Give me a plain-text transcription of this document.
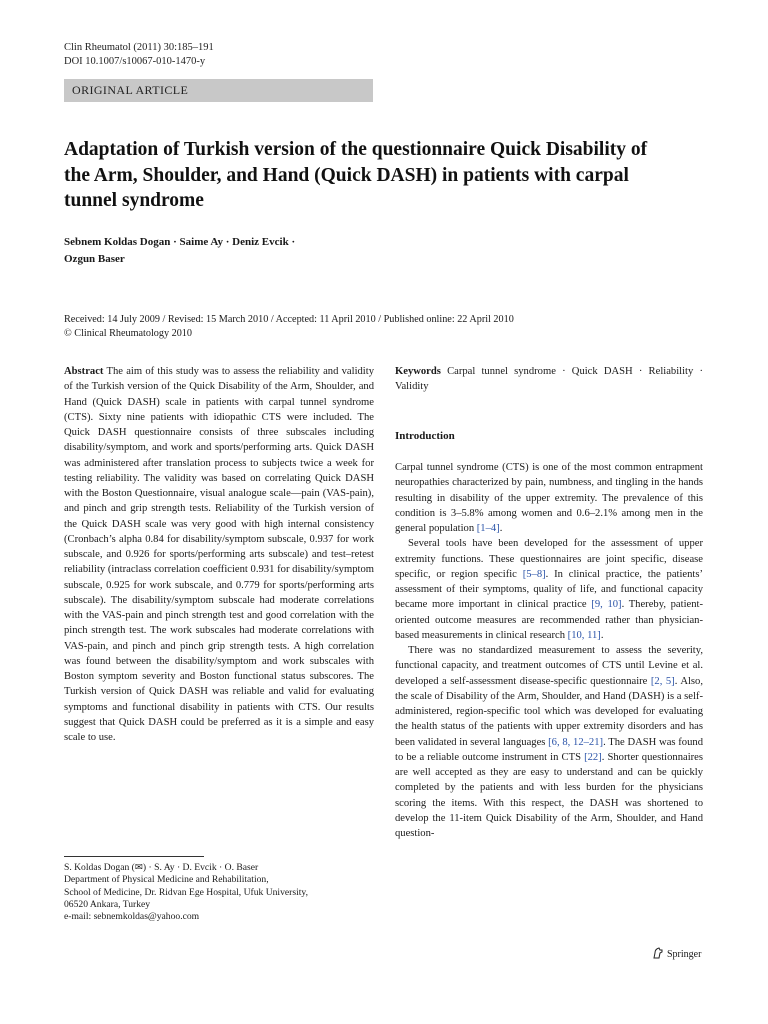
Clin Rheumatol (2011) 30:185–191
DOI 10.1007/s10067-010-1470-y
ORIGINAL ARTICLE
Adaptation of Turkish version of the questionnaire Quick Disability of the Arm, Shoulder, and Hand (Quick DASH) in patients with carpal tunnel syndrome
Sebnem Koldas Dogan · Saime Ay · Deniz Evcik ·
Ozgun Baser
Received: 14 July 2009 / Revised: 15 March 2010 / Accepted: 11 April 2010 / Published online: 22 April 2010
© Clinical Rheumatology 2010
Abstract The aim of this study was to assess the reliability and validity of the Turkish version of the Quick Disability of the Arm, Shoulder, and Hand (Quick DASH) scale in patients with carpal tunnel syndrome (CTS). Sixty nine patients with idiopathic CTS were included. The Quick DASH questionnaire consists of three subscales including disability/symptom, and work and sports/performing arts. Quick DASH was administered after translation process to subjects twice a week for testing reliability. The validity was based on correlating Quick DASH with the Boston Questionnaire, visual analogue scale—pain (VAS-pain), and pinch and grip strength tests. Reliability of the Turkish version of the Quick DASH scale was very good with high internal consistency (Cronbach’s alpha 0.84 for disability/symptom subscale, 0.937 for work subscale, and 0.926 for sports/performing arts subscale) and test–retest reliability (intraclass correlation coefficient 0.931 for disability/symptom subscale, 0.925 for work subscale, and 0.779 for sports/performing arts subscale). The disability/symptom subscale had moderate correlations with the VAS-pain and pinch strength test and good correlation with the pinch strength test. The work subscales had moderate correlations with VAS-pain, and pinch and pinch grip strength tests. A high correlation was found between the disability/symptom and work subscales with Boston symptom severity and Boston functional status subscores. The Turkish version of Quick DASH was reliable and valid for evaluating symptoms and functional disability in patients with CTS. Our results suggest that Quick DASH could be preferred as it is a simple and easy scale to use.
Keywords Carpal tunnel syndrome · Quick DASH · Reliability · Validity
Introduction

Carpal tunnel syndrome (CTS) is one of the most common entrapment neuropathies characterized by pain, numbness, and tingling in the hands resulting in disability of the upper extremity. The prevalence of this condition is 3–5.8% among women and 0.6–2.1% among men in the general population [1–4].

Several tools have been developed for the assessment of upper extremity functions. These questionnaires are joint specific, disease specific, or region specific [5–8]. In clinical practice, the patients’ assessment of their symptoms, quality of life, and functional capacity became more important in clinical practice [9, 10]. Thereby, patient-oriented outcome measures are recommended rather than physician-based measurements in clinical research [10, 11].

There was no standardized measurement to assess the severity, functional capacity, and treatment outcomes of CTS until Levine et al. developed a self-assessment disease-specific questionnaire [2, 5]. Also, the scale of Disability of the Arm, Shoulder, and Hand (DASH) is a self-administered, region-specific tool which was developed for evaluating the health status of the patients with upper extremity disorders and has been validated in several languages [6, 8, 12–21]. The DASH was found to be a reliable outcome instrument in CTS [22]. Shorter questionnaires are well accepted as they are easy to understand and can be quickly completed by the patients and with less burden for the physicians scoring the items. With this respect, the DASH was shortened to develop the 11-item Quick Disability of the Arm, Shoulder, and Hand question-

S. Koldas Dogan (✉) · S. Ay · D. Evcik · O. Baser
Department of Physical Medicine and Rehabilitation,
School of Medicine, Dr. Ridvan Ege Hospital, Ufuk University,
06520 Ankara, Turkey
e-mail: sebnemkoldas@yahoo.com
Springer
